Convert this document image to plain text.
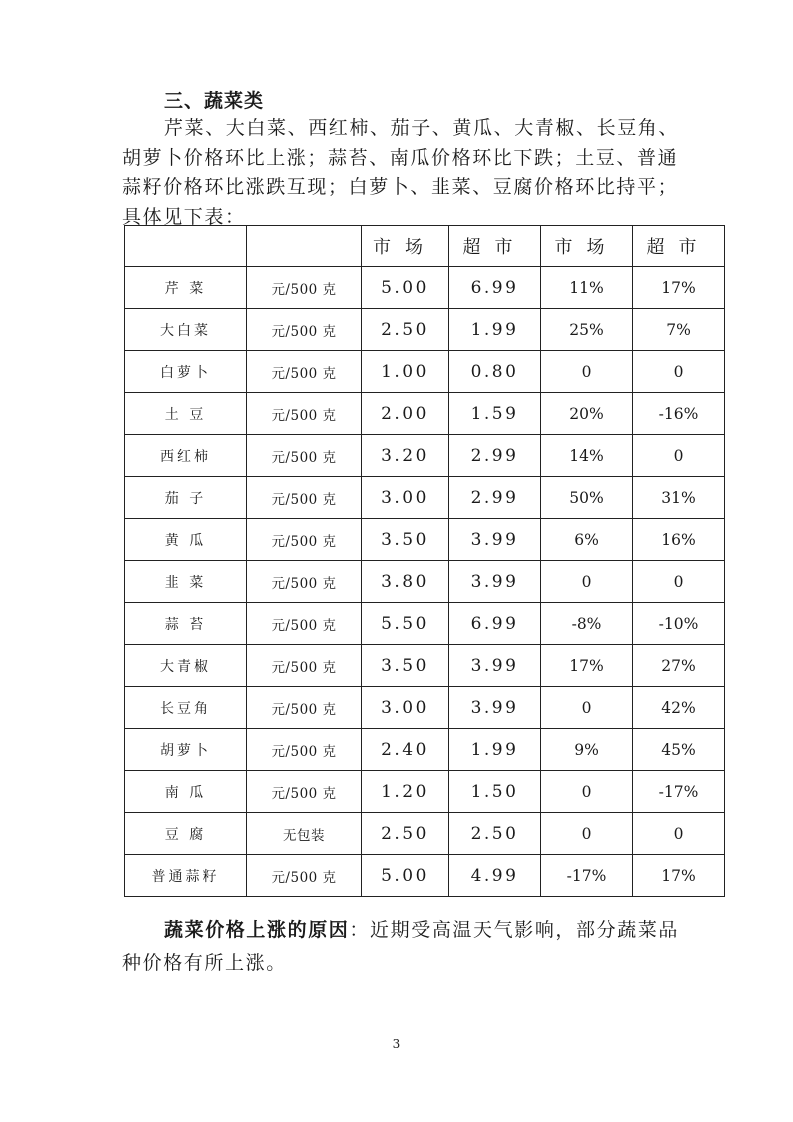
三、蔬菜类

芹菜、大白菜、西红柿、茄子、黄瓜、大青椒、长豆角、胡萝卜价格环比上涨；蒜苔、南瓜价格环比下跌；土豆、普通蒜籽价格环比涨跌互现；白萝卜、韭菜、豆腐价格环比持平；具体见下表：

		市场	超市	市场	超市
芹 菜	元/500 克	5.00	6.99	11%	17%
大白菜	元/500 克	2.50	1.99	25%	7%
白萝卜	元/500 克	1.00	0.80	0	0
土 豆	元/500 克	2.00	1.59	20%	-16%
西红柿	元/500 克	3.20	2.99	14%	0
茄 子	元/500 克	3.00	2.99	50%	31%
黄 瓜	元/500 克	3.50	3.99	6%	16%
韭 菜	元/500 克	3.80	3.99	0	0
蒜 苔	元/500 克	5.50	6.99	-8%	-10%
大青椒	元/500 克	3.50	3.99	17%	27%
长豆角	元/500 克	3.00	3.99	0	42%
胡萝卜	元/500 克	2.40	1.99	9%	45%
南 瓜	元/500 克	1.20	1.50	0	-17%
豆 腐	无包装	2.50	2.50	0	0
普通蒜籽	元/500 克	5.00	4.99	-17%	17%

蔬菜价格上涨的原因：近期受高温天气影响，部分蔬菜品种价格有所上涨。

3
